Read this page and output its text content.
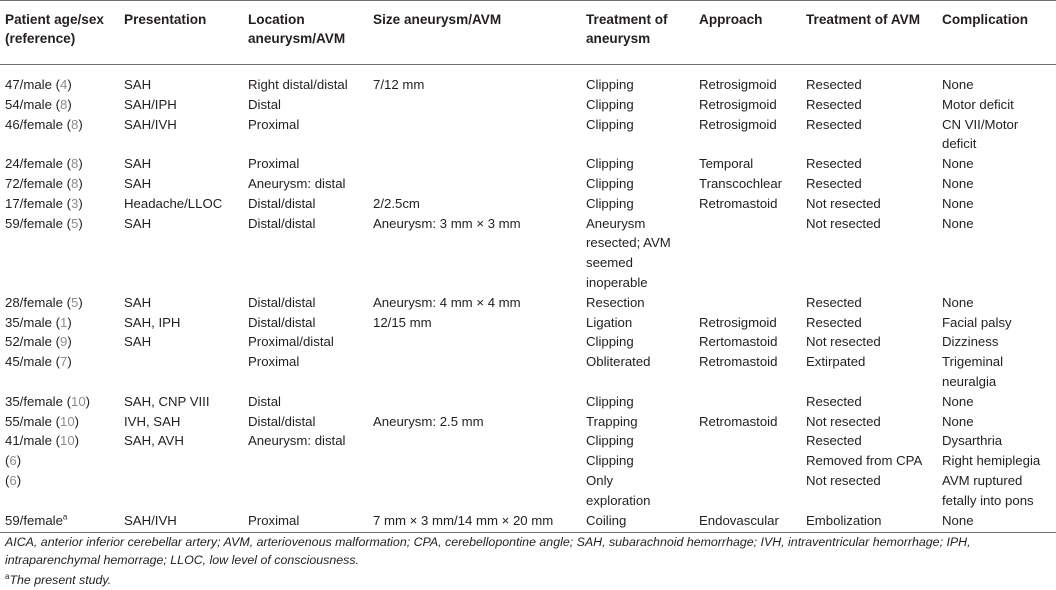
Patient age/sex (reference)	Presentation	Location aneurysm/AVM	Size aneurysm/AVM	Treatment of aneurysm	Approach	Treatment of AVM	Complication
47/male (4)	SAH	Right distal/distal	7/12 mm	Clipping	Retrosigmoid	Resected	None

54/male (8)	SAH/IPH	Distal		Clipping	Retrosigmoid	Resected	Motor deficit

46/female (8)	SAH/IVH	Proximal		Clipping	Retrosigmoid	Resected	CN VII/Motor deficit

24/female (8)	SAH	Proximal		Clipping	Temporal	Resected	None

72/female (8)	SAH	Aneurysm: distal		Clipping	Transcochlear	Resected	None

17/female (3)	Headache/LLOC	Distal/distal	2/2.5cm	Clipping	Retromastoid	Not resected	None

59/female (5)	SAH	Distal/distal	Aneurysm: 3 mm × 3 mm	Aneurysm resected; AVM seemed inoperable		Not resected	None

28/female (5)	SAH	Distal/distal	Aneurysm: 4 mm × 4 mm	Resection		Resected	None

35/male (1)	SAH, IPH	Distal/distal	12/15 mm	Ligation	Retrosigmoid	Resected	Facial palsy

52/male (9)	SAH	Proximal/distal		Clipping	Rertomastoid	Not resected	Dizziness

45/male (7)		Proximal		Obliterated	Retromastoid	Extirpated	Trigeminal neuralgia

35/female (10)	SAH, CNP VIII	Distal		Clipping		Resected	None

55/male (10)	IVH, SAH	Distal/distal	Aneurysm: 2.5 mm	Trapping	Retromastoid	Not resected	None

41/male (10)	SAH, AVH	Aneurysm: distal		Clipping		Resected	Dysarthria

(6)				Clipping		Removed from CPA	Right hemiplegia

(6)				Only exploration		Not resected	AVM ruptured fetally into pons

59/female$^a$	SAH/IVH	Proximal	7 mm × 3 mm/14 mm × 20 mm	Coiling	Endovascular	Embolization	None

AICA, anterior inferior cerebellar artery; AVM, arteriovenous malformation; CPA, cerebellopontine angle; SAH, subarachnoid hemorrhage; IVH, intraventricular hemorrhage; IPH, intraparenchymal hemorrage; LLOC, low level of consciousness.

$^a$The present study.
